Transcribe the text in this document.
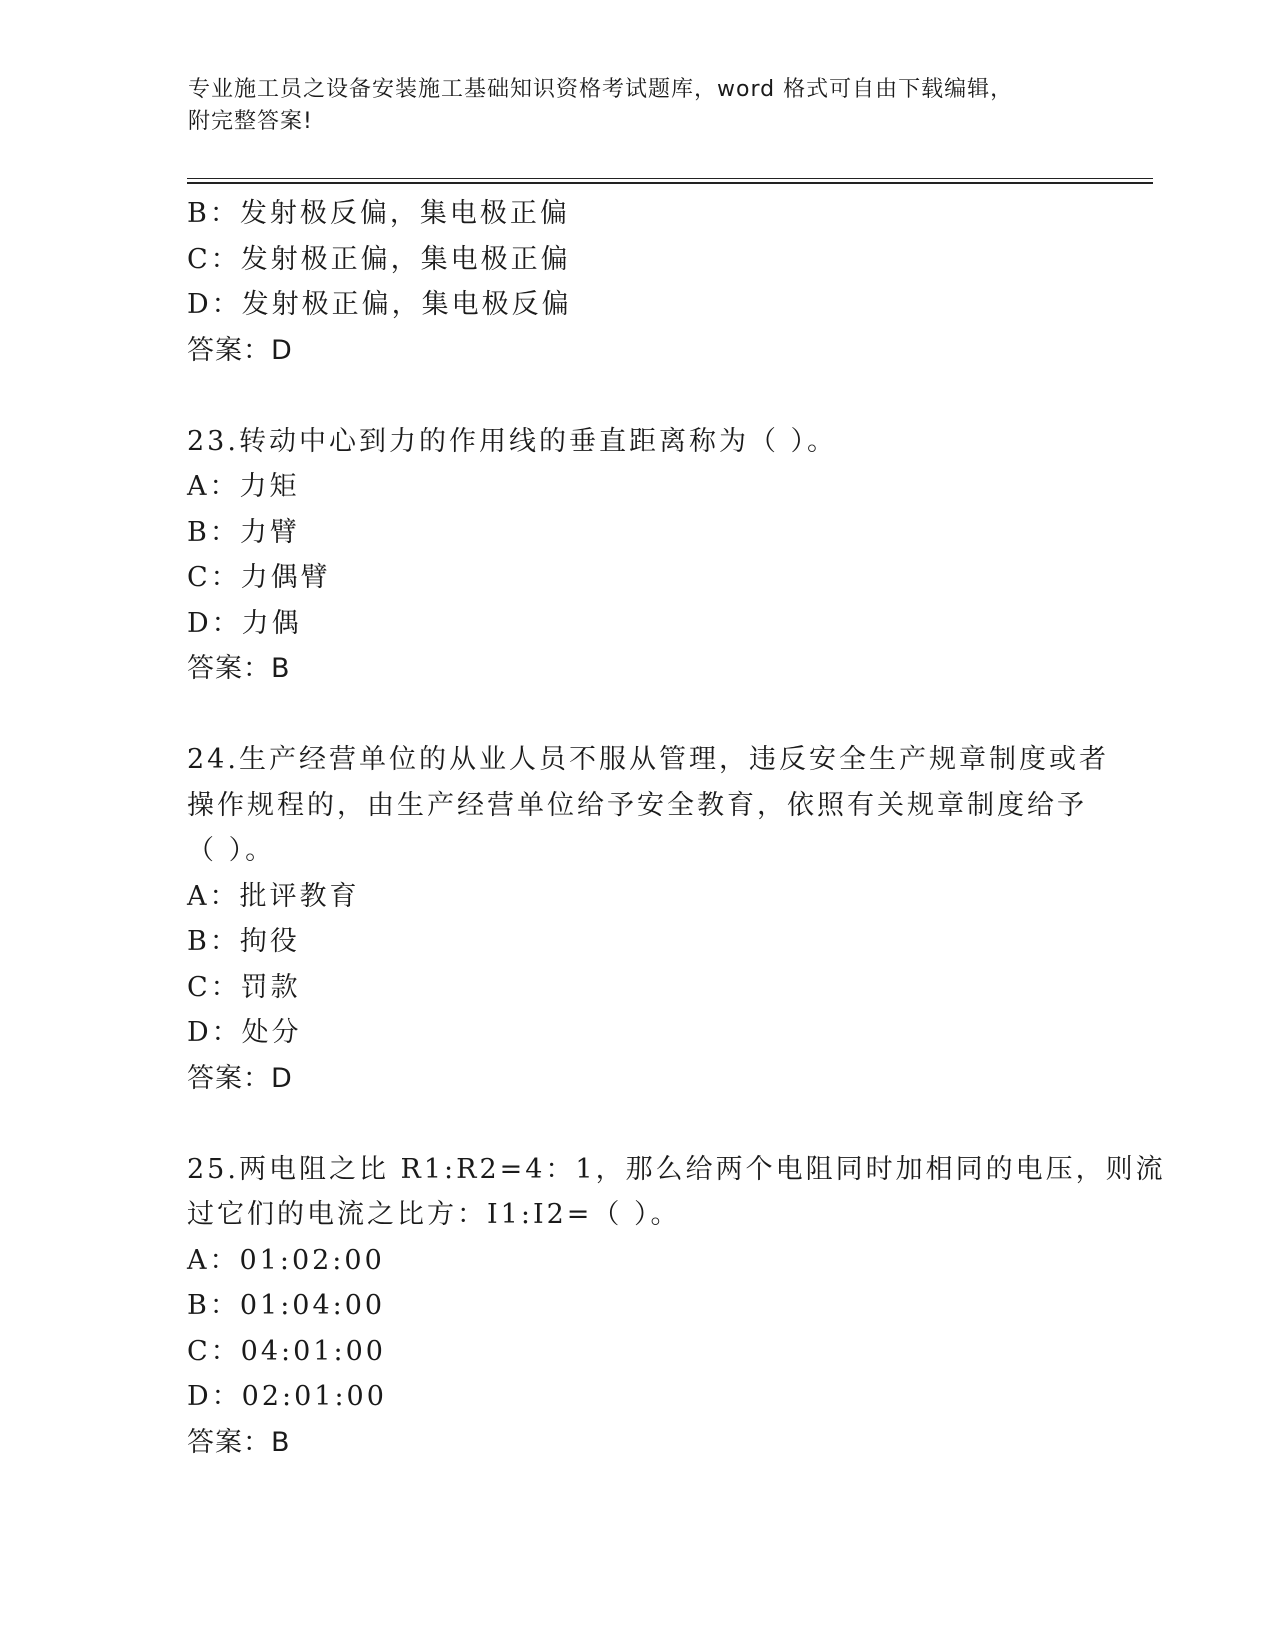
专业施工员之设备安装施工基础知识资格考试题库，word 格式可自由下载编辑，
附完整答案!
B：发射极反偏，集电极正偏
C：发射极正偏，集电极正偏
D：发射极正偏，集电极反偏
答案：D
23.转动中心到力的作用线的垂直距离称为（ ）。
A：力矩
B：力臂
C：力偶臂
D：力偶
答案：B
24.生产经营单位的从业人员不服从管理，违反安全生产规章制度或者
操作规程的，由生产经营单位给予安全教育，依照有关规章制度给予
（ ）。
A：批评教育
B：拘役
C：罚款
D：处分
答案：D
25.两电阻之比 R1:R2=4：1，那么给两个电阻同时加相同的电压，则流
过它们的电流之比方：I1:I2=（ ）。
A：01:02:00
B：01:04:00
C：04:01:00
D：02:01:00
答案：B
